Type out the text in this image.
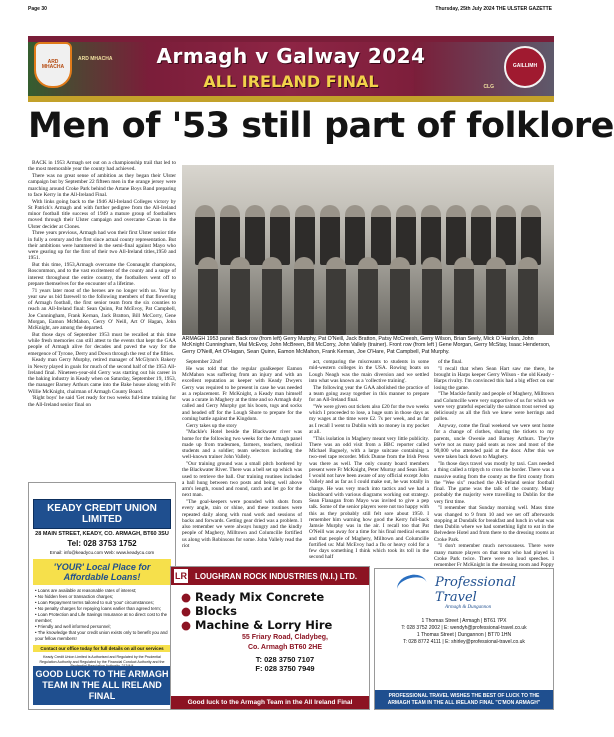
Page 30	Thursday, 25th July 2024 THE ULSTER GAZETTE
ARD MHACHA	GAILLIMH
ARD MHACHA
CLG
Armagh v Galway 2024
ALL IRELAND FINAL
Men of '53 still part of folklore

BACK in 1953 Armagh set out on a championship trail that led to the most memorable year the county had achieved.

There was no great sense of ambition as they began their Ulster campaign but by September 22 fifteen men in the orange jersey were marching around Croke Park behind the Artane Boys Band preparing to face Kerry in the All-Ireland Final.

With links going back to the 1946 All-Ireland Colleges victory by St Patrick's Armagh and with further pedigree from the All-Ireland minor football title success of 1949 a mature group of footballers moved through their Ulster campaign and overcame Cavan in the Ulster decider at Clones.

Three years previous, Armagh had won their first Ulster senior title in fully a century and the first since actual county representation. But their ambitions were hammered in the semi-final against Mayo who were gearing up for the first of their two All-Ireland titles,1950 and 1951.

But this time, 1953,Armagh overcame the Connaught champions, Roscommon, and to the vast excitement of the county and a surge of interest throughout the entire country, the footballers went off to prepare themselves for the encounter of a lifetime.

71 years later most of the heroes are no longer with us. Year by year saw us bid farewell to the following members of that flowering of Armagh football, the first senior team from the six counties to reach an All-Ireland final: Sean Quinn, Pat McEvoy, Pat Campbell, Joe Cunningham, Frank Kernan, Jack Bratton, Bill McCorry, Gene Morgan, Eamon McMahon, Gerry O' Neill, Art O' Hagan, John McKnight, are among the departed.

But those days of September 1953 must be recalled at this time while fresh memories can still attest to the events that kept the GAA people of Armagh alive for decades and paved the way for the emergence of Tyrone, Derry and Down through the rest of the fifties.

Keady man Gerry Murphy, retired manager of McGlynn's Bakery in Newry played in goals for much of the second half of the 1953 All-Ireland final. Nineteen-year-old Gerry was starting out his career in the baking industry in Keady when on Saturday, September 19, 1953, the manager Barney Arthurs came into the Bake house along with Fr Willie McKnight, chairman of Armagh County Board.

'Right boys' he said 'Get ready for two weeks full-time training for the All-Ireland senior final on

ARMAGH 1953 panel: Back row (from left) Gerry Murphy, Pat O'Neill, Jack Bratton, Patsy McCreesh, Gerry Wilson, Brian Seely, Mick O 'Hanlon, John McKnight Cunningham, Mal McEvoy, John McBreen, Bill McCorry, John Vallely (trainer). Front row (from left ) Gene Morgan, Gerry McStay, Isaac Henderson, Gerry O'Neill, Art O'Hagan, Sean Quinn, Eamon McMahon, Frank Kernan, Joe O'Hare, Pat Campbell, Pat Murphy.

September 22nd!

He was told that the regular goalkeeper Eamon McMahon was suffering from an injury and with an excellent reputation as keeper with Keady Dwyers Gerry was required to be present in case he was needed as a replacement. Fr McKnight, a Keady man himself was a curate in Maghery at the time and so Armagh duly called and Gerry Murphy got his boots, togs and socks and headed off for the Lough Shore to prepare for the coming battle against the Kingdom.

Gerry takes up the story

"Mackle's Hotel beside the Blackwater river was home for the following two weeks for the Armagh panel made up from tradesmen, farmers, teachers, medical students and a soldier; team selectors including the well-known trainer John Vallely.

"Our training ground was a small pitch bordered by the Blackwater River. There was a bell set up which was used to retrieve the ball. Our training routines included a ball hung between two posts and being well above arm's length, round and round, catch and let go for the next man.

"The goal-keepers were pounded with shots from every angle, rain or shine, and these routines were repeated daily along with road work and sessions of backs and forwards. Getting gear dried was a problem. I also remember we were always hungry and the kindly people of Maghery, Milltown and Columcille fortified us along with Robinsons for some. John Vallely read the riot

act, comparing the miscreants to students in some mid-western colleges in the USA. Rowing boats on Lough Neagh was the main diversion and we settled into what was known as a 'collective training'.

The following year the GAA abolished the practice of a team going away together in this manner to prepare for an All-Ireland final.

"We were given out tickets also £20 for the two weeks which I proceeded to lose, a huge sum in those days as my wages at the time were £2. 7s per week, and as far as I recall I went to Dublin with no money in my pocket at all.

"This isolation in Maghery meant very little publicity. There was an odd visit from a BBC reporter called Michael Baguely, with a large suitcase containing a two-reel tape recorder. Mick Dunne from the Irish Press was there as well. The only county board members present were Fr McKnight, Peter Murray and Sean Hart. I would not have been aware of any official except John Vallely and as far as I could make out, he was totally in charge. He was very much into tactics and we had a blackboard with various diagrams working out strategy. Sean Flanagan from Mayo was invited to give a pep talk. Some of the senior players were not too happy with this as they probably still felt sore about 1950. I remember him warning how good the Kerry full-back Jamsie Murphy was in the air. I recall too that Pat O'Neill was away for a time for his final medical exams and that people of Maghery, Milltown and Columcille fortified us: Mal McEvoy had a flu or heavy cold for a few days something I think which took its toll in the second half

of the final.

"I recall that when Sean Hart saw me there, he brought in Harps keeper Gerry Wilson - the old Keady - Harps rivalry. I'm convinced this had a big effect on our losing the game.

"The Mackle family and people of Maghery, Milltown and Columcille were very supportive of us for which we were very grateful especially the salmon trout served up deliciously as all the fish we knew were herrings and pollen.

Anyway, come the final weekend we were sent home for a change of clothes, sharing the tickets to my parents, uncle Owenie and Barney Arthurs. They're we're not as many paid seats as now and most of the 90,000 who attended paid at the door. After this we were taken back down to Maghery.

"In those days travel was mostly by taxi. Cars needed a thing called a triptych to cross the border. There was a massive outing from the county as the first county from the "Wee six" reached the All-Ireland senior football final. The game was the talk of the country. Many probably the majority were travelling to Dublin for the very first time.

"I remember that Sunday morning well. Mass time was changed to 9 from 10 and we set off afterwards stopping at Dundalk for breakfast and lunch in what was then Dublin where we had something light to eat in the Belvedere Hotel and from there to the dressing rooms at Croke Park.

"I don't remember much nervousness. There were many mature players on that team who had played in Croke Park twice. There were no loud speeches. I remember Fr McKnight in the dressing room and Poppy

KEADY CREDIT UNION LIMITED
28 MAIN STREET, KEADY, CO. ARMAGH, BT60 3SU
Tel: 028 3753 1752
Email: info@keadycu.com Web: www.keadycu.com
'YOUR' Local Place for Affordable Loans!
• Loans are available at reasonable rates of interest;
• No hidden fees or transaction charges;
• Loan Repayment terms tailored to suit 'your' circumstances;
• No penalty charges for repaying loans earlier than agreed term;
• Loan Protection and Life Savings Insurance at no direct cost to the member;
• Friendly and well informed personnel;
• The knowledge that your credit union exists only to benefit you and your fellow members!
Contact our office today for full details on all our services
Keady Credit Union Limited is Authorised and Regulated by the Prudential Regulation Authority and Regulated by the Financial Conduct Authority and the
GOOD LUCK TO THE ARMAGH TEAM IN THE ALL IRELAND FINAL
LR LOUGHRAN ROCK INDUSTRIES (N.I.) LTD.
● Ready Mix Concrete
● Blocks
● Machine & Lorry Hire
55 Friary Road, Cladybeg,
Co. Armagh BT60 2HE
T: 028 3750 7107
F: 028 3750 7949
Good luck to the Armagh Team in the All Ireland Final
Professional Travel
Armagh & Dungannon
1 Thomas Street | Armagh | BT61 7PX
T: 028 3752 2002 | E: wendyh@professional-travel.co.uk
1 Thomas Street | Dungannon | BT70 1HN
T: 028 8772 4111 | E: shirley@professional-travel.co.uk
PROFESSIONAL TRAVEL WISHES THE BEST OF LUCK TO THE ARMAGH TEAM IN THE ALL IRELAND FINAL "C'MON ARMAGH"
